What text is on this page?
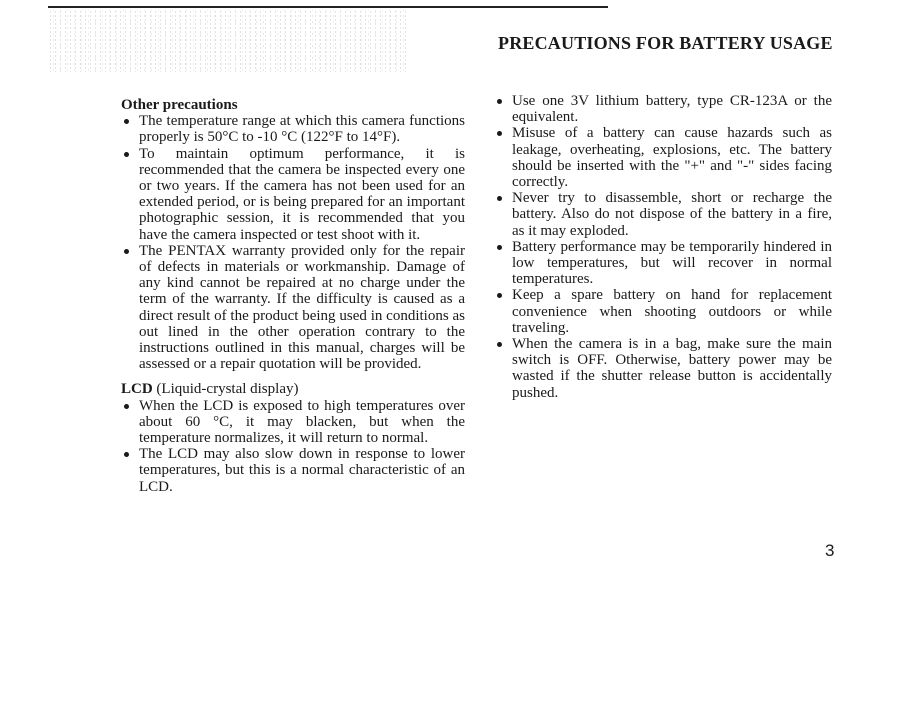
PRECAUTIONS FOR BATTERY USAGE

Other precautions

The temperature range at which this camera functions properly is 50°C to -10 °C (122°F to 14°F).
To maintain optimum performance, it is recommended that the camera be inspected every one or two years. If the camera has not been used for an extended period, or is being prepared for an important photographic session, it is recommended that you have the camera inspected or test shoot with it.
The PENTAX warranty provided only for the repair of defects in materials or workmanship. Damage of any kind cannot be repaired at no charge under the term of the warranty. If the difficulty is caused as a direct result of the product being used in conditions as out lined in the other operation contrary to the instructions outlined in this manual, charges will be assessed or a repair quotation will be provided.

LCD (Liquid-crystal display)

When the LCD is exposed to high temperatures over about 60 °C, it may blacken, but when the temperature normalizes, it will return to normal.
The LCD may also slow down in response to lower temperatures, but this is a normal characteristic of an LCD.
Use one 3V lithium battery, type CR-123A or the equivalent.
Misuse of a battery can cause hazards such as leakage, overheating, explosions, etc. The battery should be inserted with the "+" and "-" sides facing correctly.
Never try to disassemble, short or recharge the battery. Also do not dispose of the battery in a fire, as it may exploded.
Battery performance may be temporarily hindered in low temperatures, but will recover in normal temperatures.
Keep a spare battery on hand for replacement convenience when shooting outdoors or while traveling.
When the camera is in a bag, make sure the main switch is OFF. Otherwise, battery power may be wasted if the shutter release button is accidentally pushed.
3
